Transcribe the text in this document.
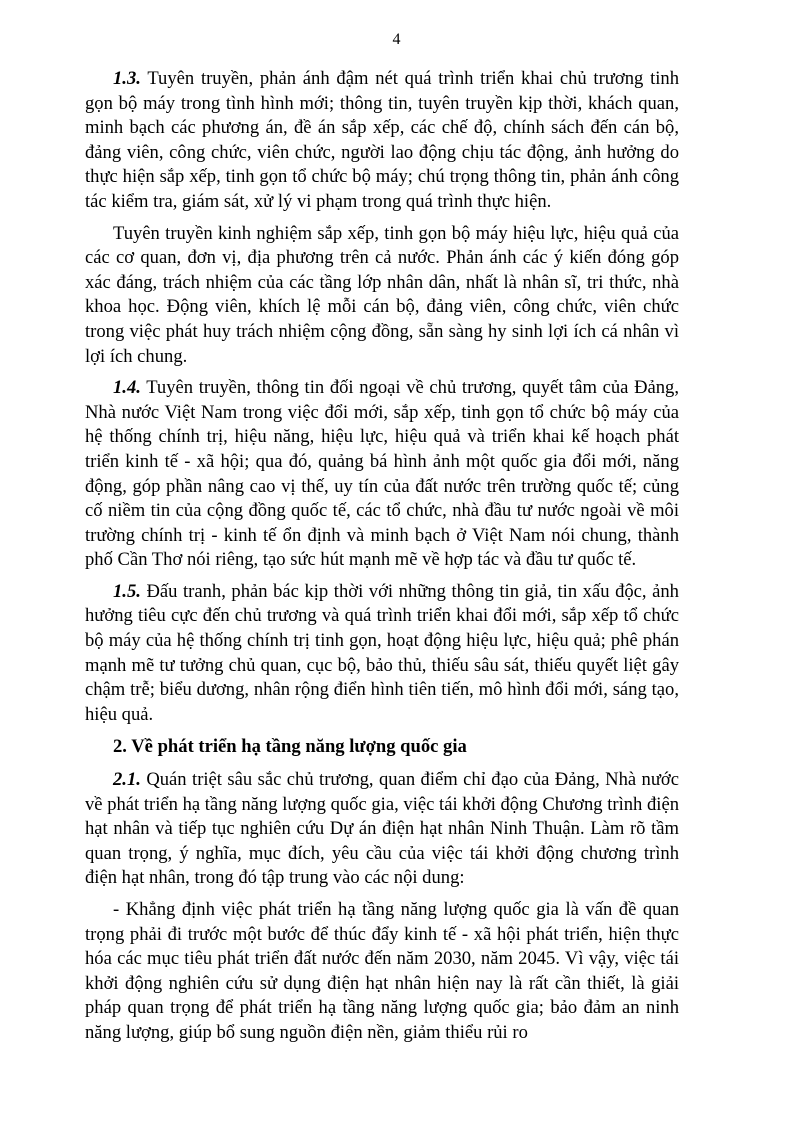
4

1.3. Tuyên truyền, phản ánh đậm nét quá trình triển khai chủ trương tinh gọn bộ máy trong tình hình mới; thông tin, tuyên truyền kịp thời, khách quan, minh bạch các phương án, đề án sắp xếp, các chế độ, chính sách đến cán bộ, đảng viên, công chức, viên chức, người lao động chịu tác động, ảnh hưởng do thực hiện sắp xếp, tinh gọn tổ chức bộ máy; chú trọng thông tin, phản ánh công tác kiểm tra, giám sát, xử lý vi phạm trong quá trình thực hiện.

Tuyên truyền kinh nghiệm sắp xếp, tinh gọn bộ máy hiệu lực, hiệu quả của các cơ quan, đơn vị, địa phương trên cả nước. Phản ánh các ý kiến đóng góp xác đáng, trách nhiệm của các tầng lớp nhân dân, nhất là nhân sĩ, tri thức, nhà khoa học. Động viên, khích lệ mỗi cán bộ, đảng viên, công chức, viên chức trong việc phát huy trách nhiệm cộng đồng, sẵn sàng hy sinh lợi ích cá nhân vì lợi ích chung.

1.4. Tuyên truyền, thông tin đối ngoại về chủ trương, quyết tâm của Đảng, Nhà nước Việt Nam trong việc đổi mới, sắp xếp, tinh gọn tổ chức bộ máy của hệ thống chính trị, hiệu năng, hiệu lực, hiệu quả và triển khai kế hoạch phát triển kinh tế - xã hội; qua đó, quảng bá hình ảnh một quốc gia đổi mới, năng động, góp phần nâng cao vị thế, uy tín của đất nước trên trường quốc tế; củng cố niềm tin của cộng đồng quốc tế, các tổ chức, nhà đầu tư nước ngoài về môi trường chính trị - kinh tế ổn định và minh bạch ở Việt Nam nói chung, thành phố Cần Thơ nói riêng, tạo sức hút mạnh mẽ về hợp tác và đầu tư quốc tế.

1.5. Đấu tranh, phản bác kịp thời với những thông tin giả, tin xấu độc, ảnh hưởng tiêu cực đến chủ trương và quá trình triển khai đổi mới, sắp xếp tổ chức bộ máy của hệ thống chính trị tinh gọn, hoạt động hiệu lực, hiệu quả; phê phán mạnh mẽ tư tưởng chủ quan, cục bộ, bảo thủ, thiếu sâu sát, thiếu quyết liệt gây chậm trễ; biểu dương, nhân rộng điển hình tiên tiến, mô hình đổi mới, sáng tạo, hiệu quả.

2. Về phát triển hạ tầng năng lượng quốc gia

2.1. Quán triệt sâu sắc chủ trương, quan điểm chỉ đạo của Đảng, Nhà nước về phát triển hạ tầng năng lượng quốc gia, việc tái khởi động Chương trình điện hạt nhân và tiếp tục nghiên cứu Dự án điện hạt nhân Ninh Thuận. Làm rõ tầm quan trọng, ý nghĩa, mục đích, yêu cầu của việc tái khởi động chương trình điện hạt nhân, trong đó tập trung vào các nội dung:

- Khẳng định việc phát triển hạ tầng năng lượng quốc gia là vấn đề quan trọng phải đi trước một bước để thúc đẩy kinh tế - xã hội phát triển, hiện thực hóa các mục tiêu phát triển đất nước đến năm 2030, năm 2045. Vì vậy, việc tái khởi động nghiên cứu sử dụng điện hạt nhân hiện nay là rất cần thiết, là giải pháp quan trọng để phát triển hạ tầng năng lượng quốc gia; bảo đảm an ninh năng lượng, giúp bổ sung nguồn điện nền, giảm thiểu rủi ro
